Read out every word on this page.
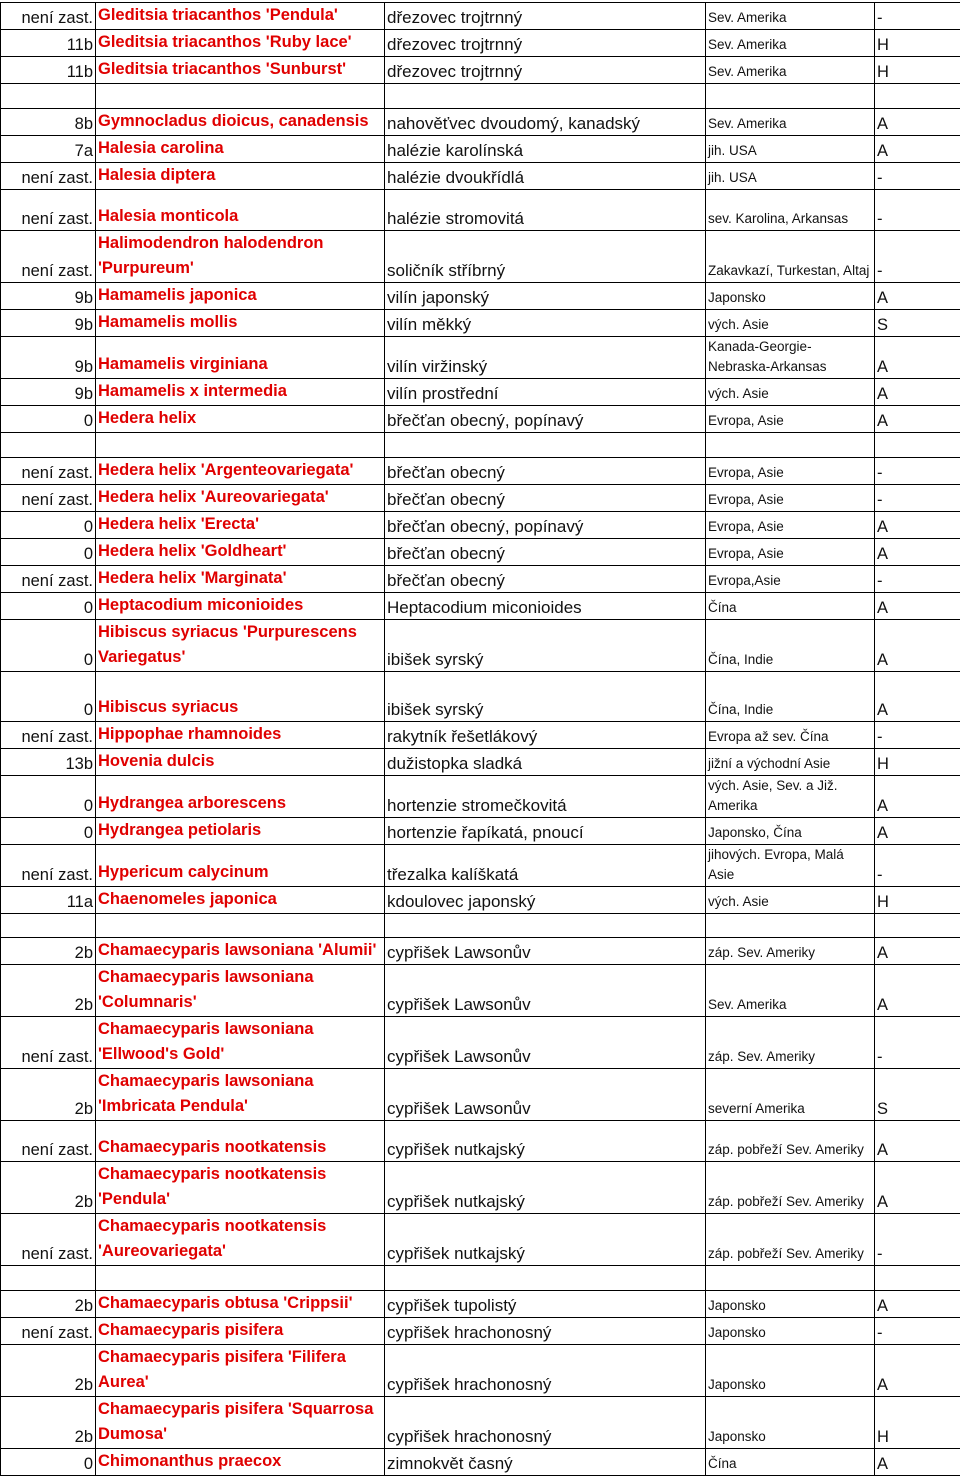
není zast.	Gleditsia triacanthos 'Pendula'	dřezovec trojtrnný	Sev. Amerika	-
11b	Gleditsia triacanthos 'Ruby lace'	dřezovec trojtrnný	Sev. Amerika	H
11b	Gleditsia triacanthos 'Sunburst'	dřezovec trojtrnný	Sev. Amerika	H

8b	Gymnocladus dioicus, canadensis	nahověťvec dvoudomý, kanadský	Sev. Amerika	A
7a	Halesia carolina	halézie karolínská	jih. USA	A
není zast.	Halesia diptera	halézie dvoukřídlá	jih. USA	-
není zast.	Halesia monticola	halézie stromovitá	sev. Karolina, Arkansas	-
není zast.	Halimodendron halodendron 'Purpureum'	soličník stříbrný	Zakavkazí, Turkestan, Altaj	-
9b	Hamamelis japonica	vilín japonský	Japonsko	A
9b	Hamamelis mollis	vilín měkký	vých. Asie	S
9b	Hamamelis virginiana	vilín viržinský	Kanada-Georgie-Nebraska-Arkansas	A
9b	Hamamelis x intermedia	vilín prostřední	vých. Asie	A
0	Hedera helix	břečťan obecný, popínavý	Evropa, Asie	A

není zast.	Hedera helix 'Argenteovariegata'	břečťan obecný	Evropa, Asie	-
není zast.	Hedera helix 'Aureovariegata'	břečťan obecný	Evropa, Asie	-
0	Hedera helix 'Erecta'	břečťan obecný, popínavý	Evropa, Asie	A
0	Hedera helix 'Goldheart'	břečťan obecný	Evropa, Asie	A
není zast.	Hedera helix 'Marginata'	břečťan obecný	Evropa,Asie	-
0	Heptacodium miconioides	Heptacodium miconioides	Čína	A
0	Hibiscus syriacus 'Purpurescens Variegatus'	ibišek syrský	Čína, Indie	A
0	Hibiscus syriacus	ibišek syrský	Čína, Indie	A
není zast.	Hippophae rhamnoides	rakytník řešetlákový	Evropa až sev. Čína	-
13b	Hovenia dulcis	dužistopka sladká	jižní a východní Asie	H
0	Hydrangea arborescens	hortenzie stromečkovitá	vých. Asie, Sev. a Již. Amerika	A
0	Hydrangea petiolaris	hortenzie řapíkatá, pnoucí	Japonsko, Čína	A
není zast.	Hypericum calycinum	třezalka kalíškatá	jihových. Evropa, Malá Asie	-
11a	Chaenomeles japonica	kdoulovec japonský	vých. Asie	H

2b	Chamaecyparis lawsoniana 'Alumii'	cypřišek Lawsonův	záp. Sev. Ameriky	A
2b	Chamaecyparis lawsoniana 'Columnaris'	cypřišek Lawsonův	Sev. Amerika	A
není zast.	Chamaecyparis lawsoniana 'Ellwood's Gold'	cypřišek Lawsonův	záp. Sev. Ameriky	-
2b	Chamaecyparis lawsoniana 'Imbricata Pendula'	cypřišek Lawsonův	severní Amerika	S
není zast.	Chamaecyparis nootkatensis	cypřišek nutkajský	záp. pobřeží Sev. Ameriky	A
2b	Chamaecyparis nootkatensis 'Pendula'	cypřišek nutkajský	záp. pobřeží Sev. Ameriky	A
není zast.	Chamaecyparis nootkatensis 'Aureovariegata'	cypřišek nutkajský	záp. pobřeží Sev. Ameriky	-

2b	Chamaecyparis obtusa 'Crippsii'	cypřišek tupolistý	Japonsko	A
není zast.	Chamaecyparis pisifera	cypřišek hrachonosný	Japonsko	-
2b	Chamaecyparis pisifera 'Filifera Aurea'	cypřišek hrachonosný	Japonsko	A
2b	Chamaecyparis pisifera 'Squarrosa Dumosa'	cypřišek hrachonosný	Japonsko	H
0	Chimonanthus praecox	zimnokvět časný	Čína	A
